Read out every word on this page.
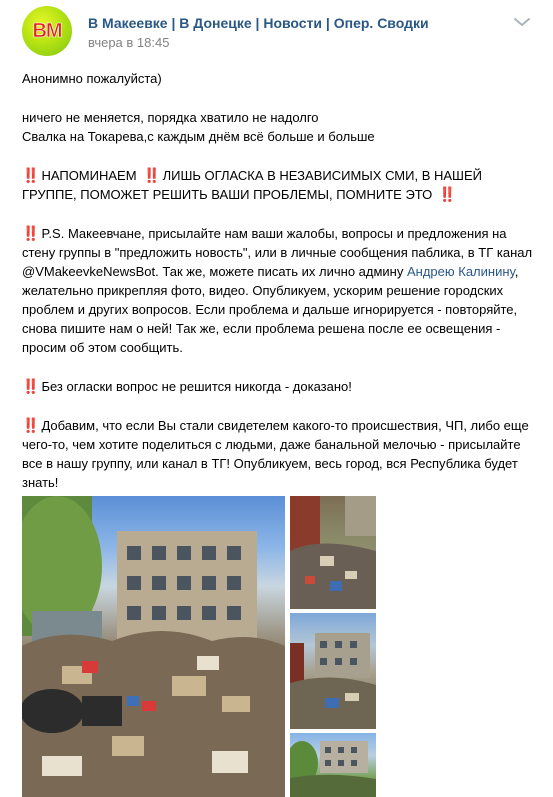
BM В Макеевке | В Донецке | Новости | Опер. Сводки
вчера в 18:45

Анонимно пожалуйста)

ничего не меняется, порядка хватило не надолго

Свалка на Токарева,с каждым днём всё больше и больше

‼️ НАПОМИНАЕМ ‼️ ЛИШЬ ОГЛАСКА В НЕЗАВИСИМЫХ СМИ, В НАШЕЙ ГРУППЕ, ПОМОЖЕТ РЕШИТЬ ВАШИ ПРОБЛЕМЫ, ПОМНИТЕ ЭТО ‼️

‼️ P.S. Макеевчане, присылайте нам ваши жалобы, вопросы и предложения на стену группы в "предложить новость", или в личные сообщения паблика, в ТГ канал @VMakeevkeNewsBot. Так же, можете писать их лично админу Андрею Калинину, желательно прикрепляя фото, видео. Опубликуем, ускорим решение городских проблем и других вопросов. Если проблема и дальше игнорируется - повторяйте, снова пишите нам о ней! Так же, если проблема решена после ее освещения - просим об этом сообщить.

‼️ Без огласки вопрос не решится никогда - доказано!

‼️ Добавим, что если Вы стали свидетелем какого-то происшествия, ЧП, либо еще чего-то, чем хотите поделиться с людьми, даже банальной мелочью - присылайте все в нашу группу, или канал в ТГ! Опубликуем, весь город, вся Республика будет знать!
